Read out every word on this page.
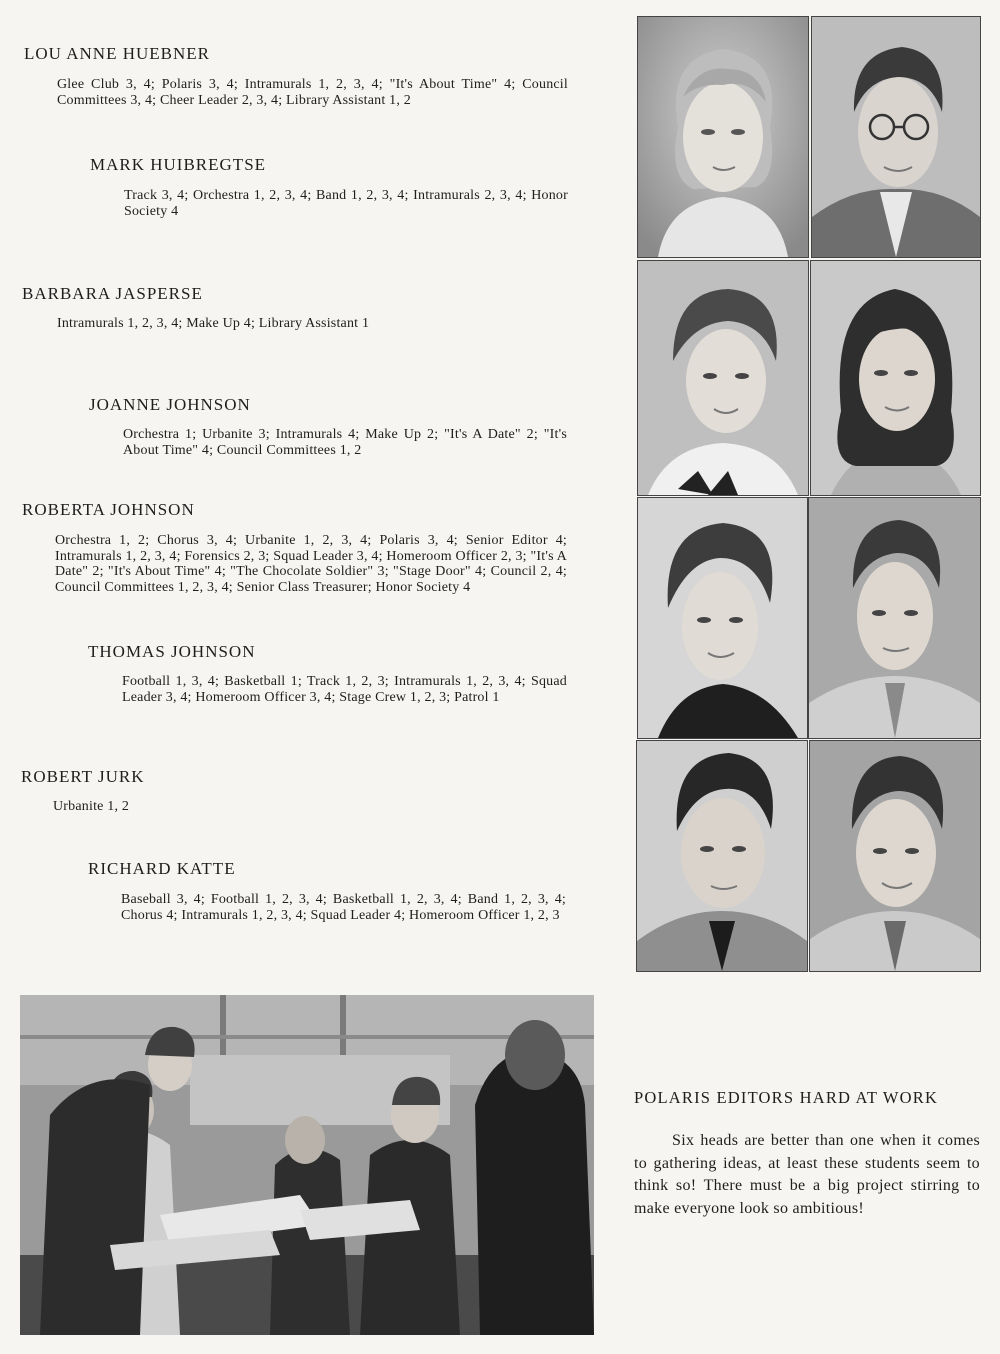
LOU ANNE HUEBNER
Glee Club 3, 4; Polaris 3, 4; Intramurals 1, 2, 3, 4; "It's About Time" 4; Council Committees 3, 4; Cheer Leader 2, 3, 4; Library Assistant 1, 2
MARK HUIBREGTSE
Track 3, 4; Orchestra 1, 2, 3, 4; Band 1, 2, 3, 4; Intramurals 2, 3, 4; Honor Society 4
BARBARA JASPERSE
Intramurals 1, 2, 3, 4; Make Up 4; Library Assistant 1
JOANNE JOHNSON
Orchestra 1; Urbanite 3; Intramurals 4; Make Up 2; "It's A Date" 2; "It's About Time" 4; Council Committees 1, 2
ROBERTA JOHNSON
Orchestra 1, 2; Chorus 3, 4; Urbanite 1, 2, 3, 4; Polaris 3, 4; Senior Editor 4; Intramurals 1, 2, 3, 4; Forensics 2, 3; Squad Leader 3, 4; Homeroom Officer 2, 3; "It's A Date" 2; "It's About Time" 4; "The Chocolate Soldier" 3; "Stage Door" 4; Council 2, 4; Council Committees 1, 2, 3, 4; Senior Class Treasurer; Honor Society 4
THOMAS JOHNSON
Football 1, 3, 4; Basketball 1; Track 1, 2, 3; Intramurals 1, 2, 3, 4; Squad Leader 3, 4; Homeroom Officer 3, 4; Stage Crew 1, 2, 3; Patrol 1
ROBERT JURK
Urbanite 1, 2
RICHARD KATTE
Baseball 3, 4; Football 1, 2, 3, 4; Basketball 1, 2, 3, 4; Band 1, 2, 3, 4; Chorus 4; Intramurals 1, 2, 3, 4; Squad Leader 4; Homeroom Officer 1, 2, 3
POLARIS EDITORS HARD AT WORK
Six heads are better than one when it comes to gathering ideas, at least these students seem to think so! There must be a big project stirring to make everyone look so ambitious!
